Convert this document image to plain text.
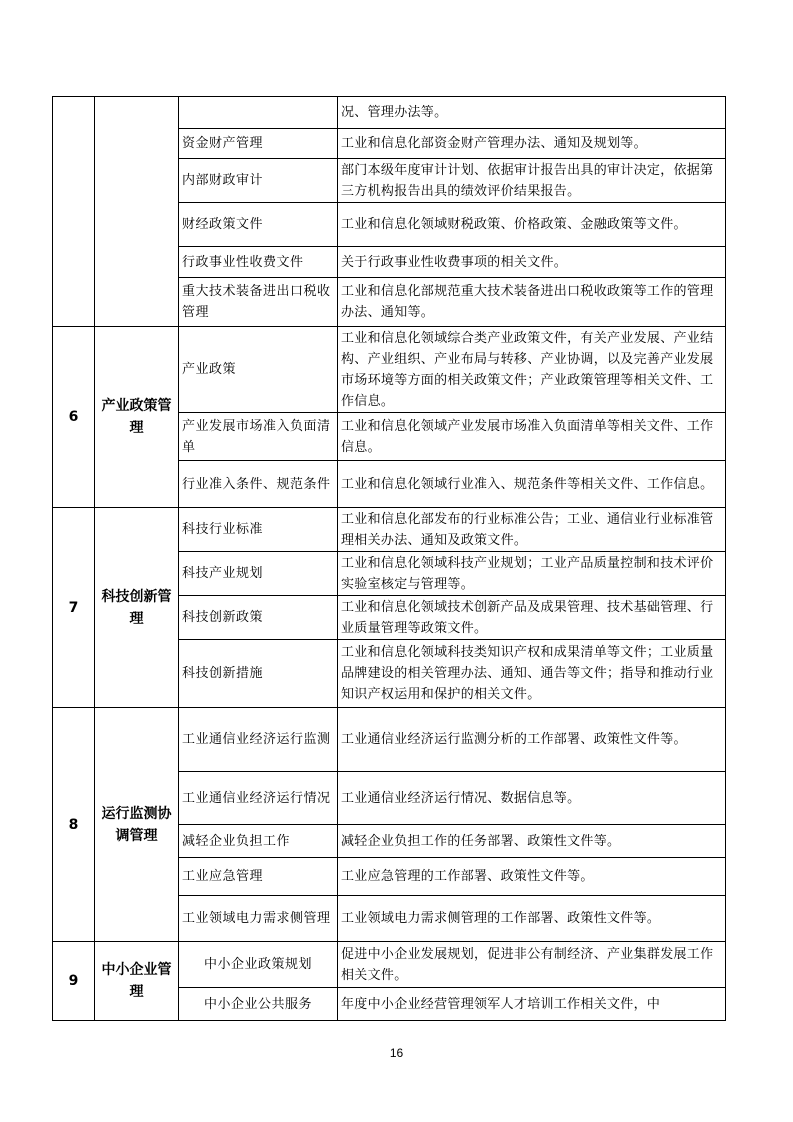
			况、管理办法等。
		资金财产管理	工业和信息化部资金财产管理办法、通知及规划等。
		内部财政审计	部门本级年度审计计划、依据审计报告出具的审计决定，依据第三方机构报告出具的绩效评价结果报告。
		财经政策文件	工业和信息化领域财税政策、价格政策、金融政策等文件。
		行政事业性收费文件	关于行政事业性收费事项的相关文件。
		重大技术装备进出口税收管理	工业和信息化部规范重大技术装备进出口税收政策等工作的管理办法、通知等。
6	产业政策管理	产业政策	工业和信息化领域综合类产业政策文件，有关产业发展、产业结构、产业组织、产业布局与转移、产业协调，以及完善产业发展市场环境等方面的相关政策文件；产业政策管理等相关文件、工作信息。
		产业发展市场准入负面清单	工业和信息化领域产业发展市场准入负面清单等相关文件、工作信息。
		行业准入条件、规范条件	工业和信息化领域行业准入、规范条件等相关文件、工作信息。
7	科技创新管理	科技行业标准	工业和信息化部发布的行业标准公告；工业、通信业行业标准管理相关办法、通知及政策文件。
		科技产业规划	工业和信息化领域科技产业规划；工业产品质量控制和技术评价实验室核定与管理等。
		科技创新政策	工业和信息化领域技术创新产品及成果管理、技术基础管理、行业质量管理等政策文件。
		科技创新措施	工业和信息化领域科技类知识产权和成果清单等文件；工业质量品牌建设的相关管理办法、通知、通告等文件；指导和推动行业知识产权运用和保护的相关文件。
8	运行监测协调管理	工业通信业经济运行监测	工业通信业经济运行监测分析的工作部署、政策性文件等。
		工业通信业经济运行情况	工业通信业经济运行情况、数据信息等。
		减轻企业负担工作	减轻企业负担工作的任务部署、政策性文件等。
		工业应急管理	工业应急管理的工作部署、政策性文件等。
		工业领域电力需求侧管理	工业领域电力需求侧管理的工作部署、政策性文件等。
9	中小企业管理	中小企业政策规划	促进中小企业发展规划，促进非公有制经济、产业集群发展工作相关文件。
		中小企业公共服务	年度中小企业经营管理领军人才培训工作相关文件，中
16
